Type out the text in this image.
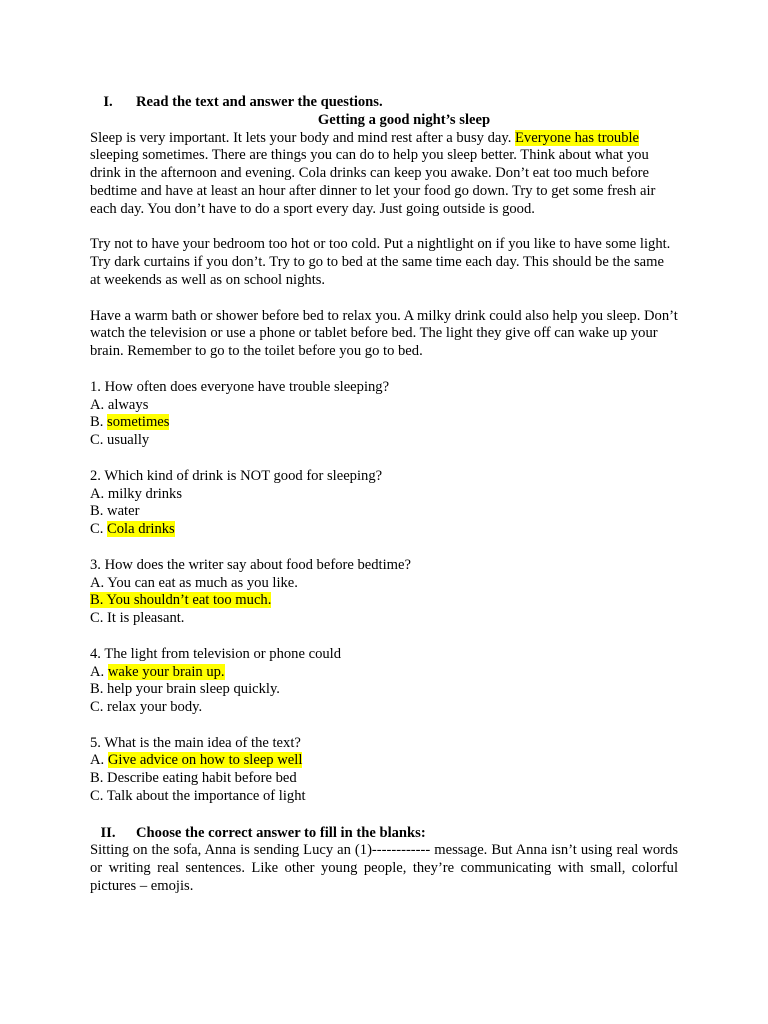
I. Read the text and answer the questions.
Getting a good night’s sleep

Sleep is very important. It lets your body and mind rest after a busy day. Everyone has trouble sleeping sometimes. There are things you can do to help you sleep better. Think about what you drink in the afternoon and evening. Cola drinks can keep you awake. Don’t eat too much before bedtime and have at least an hour after dinner to let your food go down. Try to get some fresh air each day. You don’t have to do a sport every day. Just going outside is good.

Try not to have your bedroom too hot or too cold. Put a nightlight on if you like to have some light. Try dark curtains if you don’t. Try to go to bed at the same time each day. This should be the same at weekends as well as on school nights.

Have a warm bath or shower before bed to relax you. A milky drink could also help you sleep. Don’t watch the television or use a phone or tablet before bed. The light they give off can wake up your brain. Remember to go to the toilet before you go to bed.

1. How often does everyone have trouble sleeping?
A. always
B. sometimes
C. usually
2. Which kind of drink is NOT good for sleeping?
A. milky drinks
B. water
C. Cola drinks
3. How does the writer say about food before bedtime?
A. You can eat as much as you like.
B. You shouldn’t eat too much.
C. It is pleasant.
4. The light from television or phone could
A. wake your brain up.
B. help your brain sleep quickly.
C. relax your body.
5. What is the main idea of the text?
A. Give advice on how to sleep well
B. Describe eating habit before bed
C. Talk about the importance of light
II. Choose the correct answer to fill in the blanks:

Sitting on the sofa, Anna is sending Lucy an (1)------------ message. But Anna isn’t using real words or writing real sentences. Like other young people, they’re communicating with small, colorful pictures – emojis.
